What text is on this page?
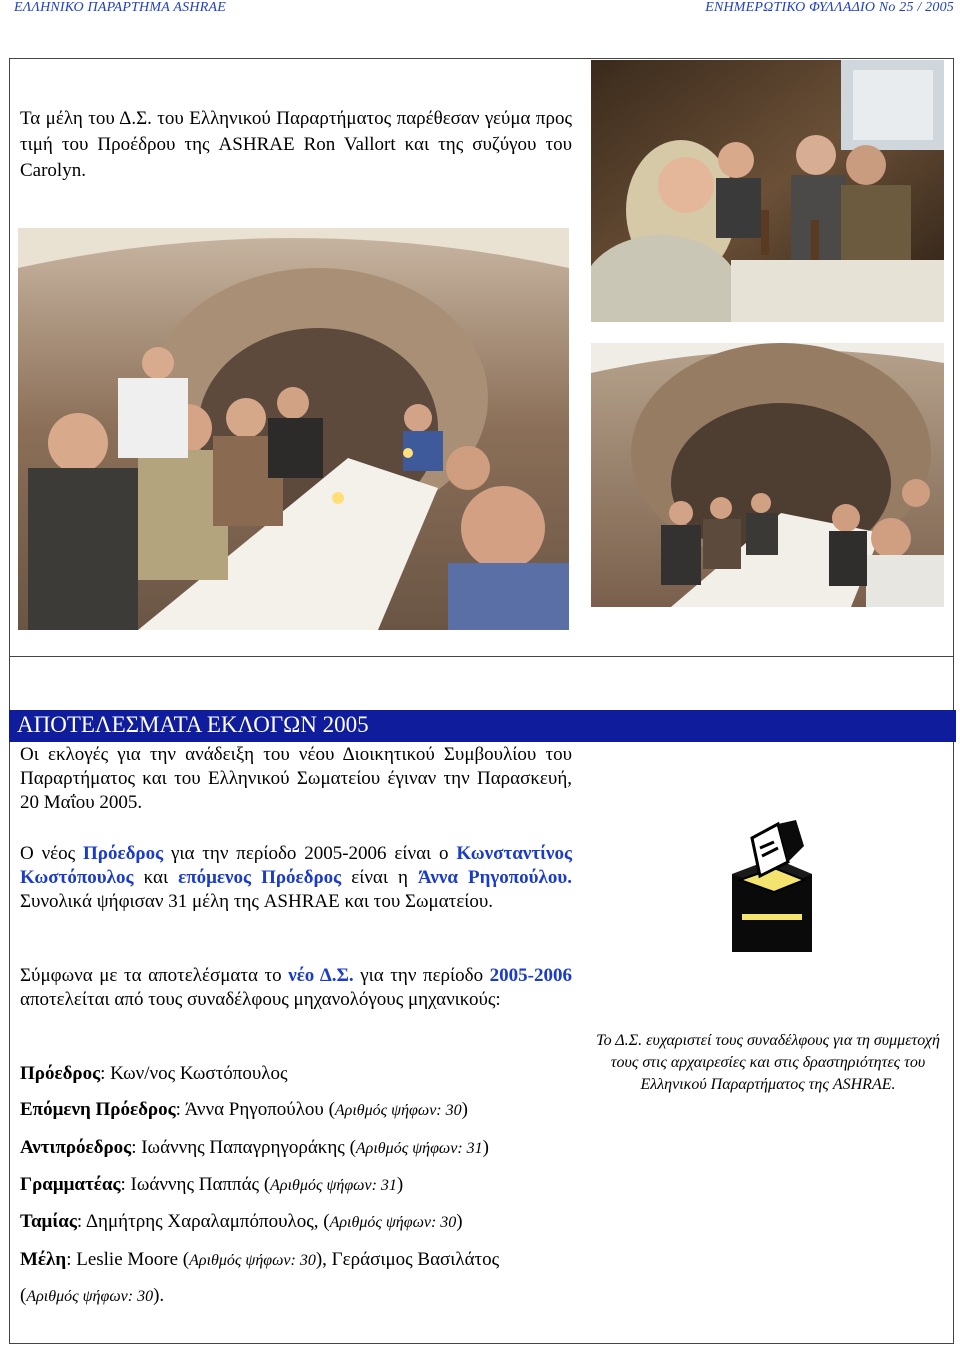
ΕΛΛΗΝΙΚΟ ΠΑΡΑΡΤΗΜΑ ASHRAE	ΕΝΗΜΕΡΩΤΙΚΟ ΦΥΛΛΑΔΙΟ Νο 25 / 2005
Τα μέλη του Δ.Σ. του Ελληνικού Παραρτήματος παρέθεσαν γεύμα προς τιμή του Προέδρου της ASHRAE Ron Vallort και της συζύγου του Carolyn.
ΑΠΟΤΕΛΕΣΜΑΤΑ ΕΚΛΟΓΩΝ 2005
Οι εκλογές για την ανάδειξη του νέου Διοικητικού Συμβουλίου του Παραρτήματος και του Ελληνικού Σωματείου έγιναν την Παρασκευή, 20 Μαΐου 2005.
Ο νέος Πρόεδρος για την περίοδο 2005-2006 είναι ο Κωνσταντίνος Κωστόπουλος και επόμενος Πρόεδρος είναι η Άννα Ρηγοπούλου. Συνολικά ψήφισαν 31 μέλη της ASHRAE και του Σωματείου.
Σύμφωνα με τα αποτελέσματα το νέο Δ.Σ. για την περίοδο 2005-2006 αποτελείται από τους συναδέλφους μηχανολόγους μηχανικούς:
Πρόεδρος: Κων/νος Κωστόπουλος
Επόμενη Πρόεδρος: Άννα Ρηγοπούλου (Αριθμός ψήφων: 30)
Αντιπρόεδρος: Ιωάννης Παπαγρηγοράκης (Αριθμός ψήφων: 31)
Γραμματέας: Ιωάννης Παππάς (Αριθμός ψήφων: 31)
Ταμίας: Δημήτρης Χαραλαμπόπουλος, (Αριθμός ψήφων: 30)
Μέλη: Leslie Moore (Αριθμός ψήφων: 30), Γεράσιμος Βασιλάτος
(Αριθμός ψήφων: 30).
Το Δ.Σ. ευχαριστεί τους συναδέλφους για τη συμμετοχή τους στις αρχαιρεσίες και στις δραστηριότητες του Ελληνικού Παραρτήματος της ASHRAE.
